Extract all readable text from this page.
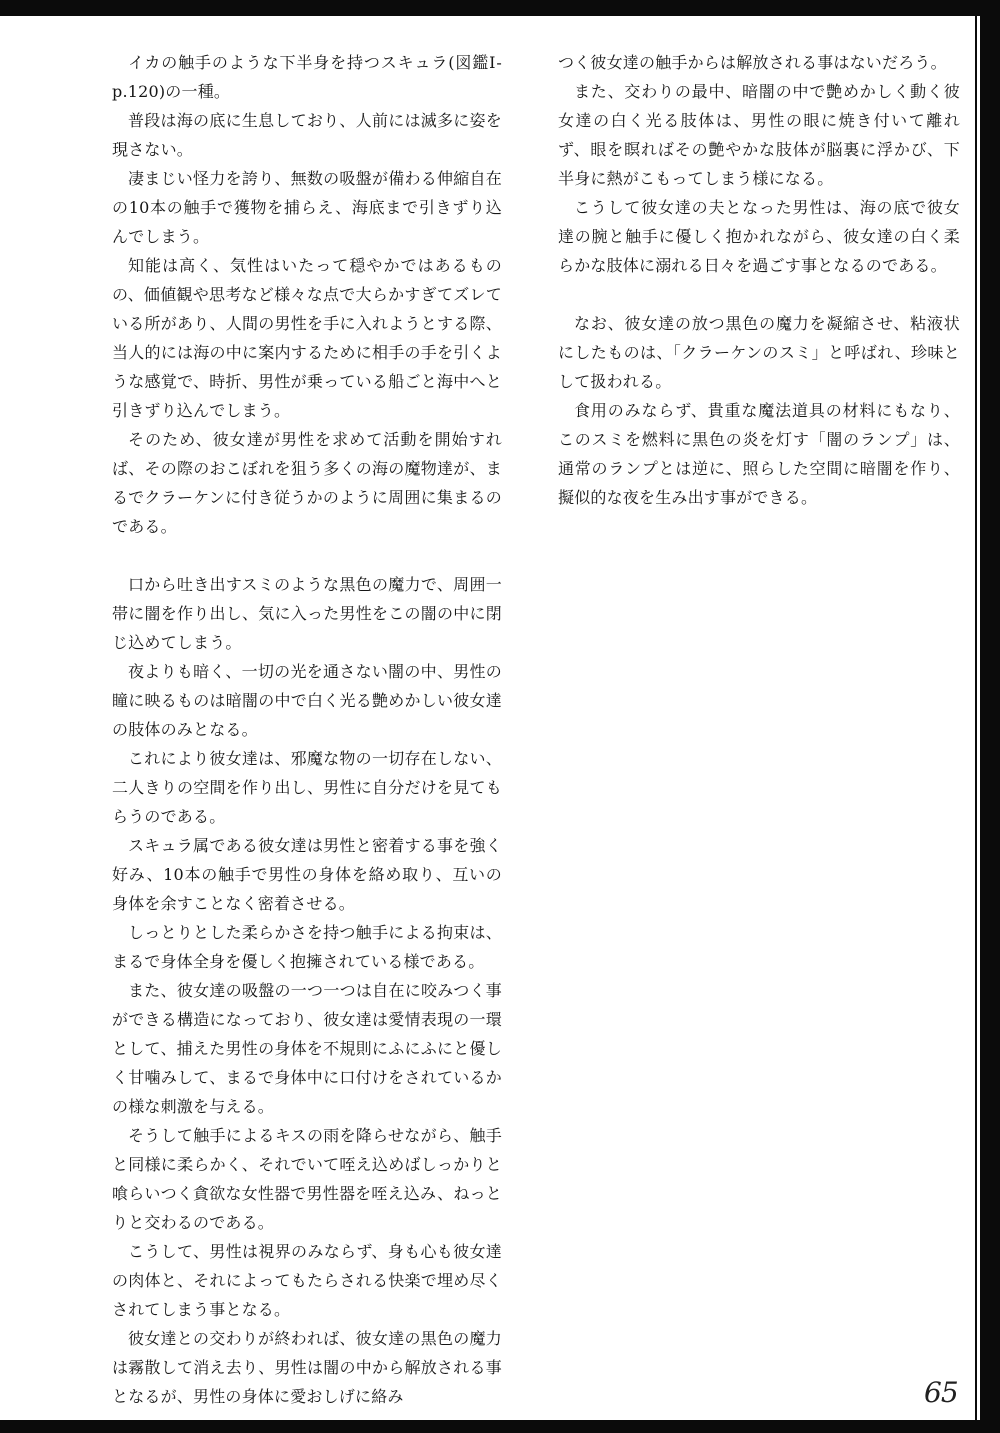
イカの触手のような下半身を持つスキュラ(図鑑Ⅰ-p.120)の一種。

普段は海の底に生息しており、人前には滅多に姿を現さない。

凄まじい怪力を誇り、無数の吸盤が備わる伸縮自在の10本の触手で獲物を捕らえ、海底まで引きずり込んでしまう。

知能は高く、気性はいたって穏やかではあるものの、価値観や思考など様々な点で大らかすぎてズレている所があり、人間の男性を手に入れようとする際、当人的には海の中に案内するために相手の手を引くような感覚で、時折、男性が乗っている船ごと海中へと引きずり込んでしまう。

そのため、彼女達が男性を求めて活動を開始すれば、その際のおこぼれを狙う多くの海の魔物達が、まるでクラーケンに付き従うかのように周囲に集まるのである。

口から吐き出すスミのような黒色の魔力で、周囲一帯に闇を作り出し、気に入った男性をこの闇の中に閉じ込めてしまう。

夜よりも暗く、一切の光を通さない闇の中、男性の瞳に映るものは暗闇の中で白く光る艶めかしい彼女達の肢体のみとなる。

これにより彼女達は、邪魔な物の一切存在しない、二人きりの空間を作り出し、男性に自分だけを見てもらうのである。

スキュラ属である彼女達は男性と密着する事を強く好み、10本の触手で男性の身体を絡め取り、互いの身体を余すことなく密着させる。

しっとりとした柔らかさを持つ触手による拘束は、まるで身体全身を優しく抱擁されている様である。

また、彼女達の吸盤の一つ一つは自在に咬みつく事ができる構造になっており、彼女達は愛情表現の一環として、捕えた男性の身体を不規則にふにふにと優しく甘噛みして、まるで身体中に口付けをされているかの様な刺激を与える。

そうして触手によるキスの雨を降らせながら、触手と同様に柔らかく、それでいて咥え込めばしっかりと喰らいつく貪欲な女性器で男性器を咥え込み、ねっとりと交わるのである。

こうして、男性は視界のみならず、身も心も彼女達の肉体と、それによってもたらされる快楽で埋め尽くされてしまう事となる。

彼女達との交わりが終われば、彼女達の黒色の魔力は霧散して消え去り、男性は闇の中から解放される事となるが、男性の身体に愛おしげに絡み

つく彼女達の触手からは解放される事はないだろう。

また、交わりの最中、暗闇の中で艶めかしく動く彼女達の白く光る肢体は、男性の眼に焼き付いて離れず、眼を瞑ればその艶やかな肢体が脳裏に浮かび、下半身に熱がこもってしまう様になる。

こうして彼女達の夫となった男性は、海の底で彼女達の腕と触手に優しく抱かれながら、彼女達の白く柔らかな肢体に溺れる日々を過ごす事となるのである。

なお、彼女達の放つ黒色の魔力を凝縮させ、粘液状にしたものは、「クラーケンのスミ」と呼ばれ、珍味として扱われる。

食用のみならず、貴重な魔法道具の材料にもなり、このスミを燃料に黒色の炎を灯す「闇のランプ」は、通常のランプとは逆に、照らした空間に暗闇を作り、擬似的な夜を生み出す事ができる。

65
